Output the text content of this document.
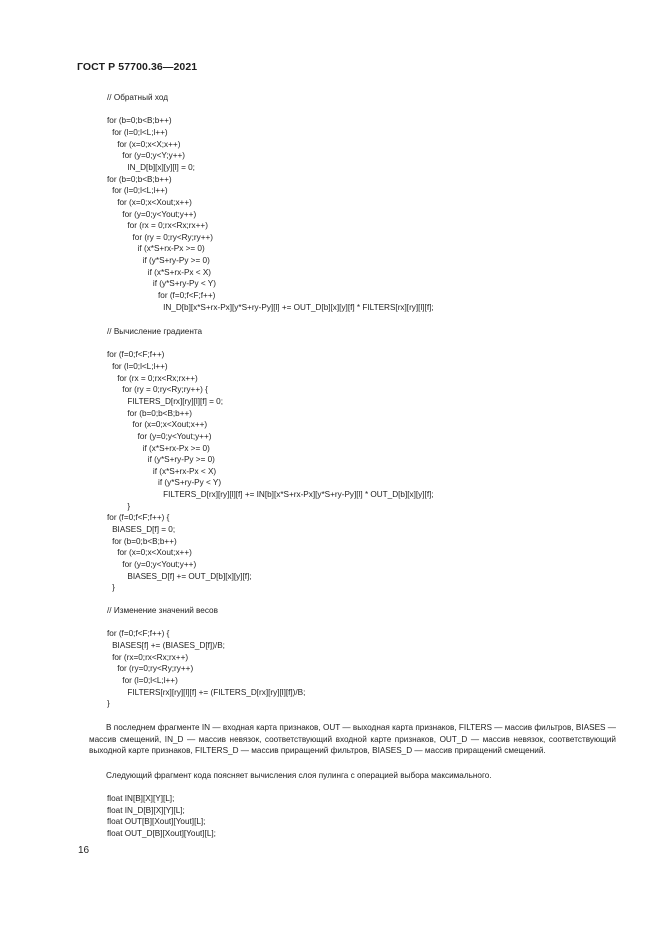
ГОСТ Р 57700.36—2021
// Обратный ход
for (b=0;b<B;b++)
for (l=0;l<L;l++)
for (x=0;x<X;x++)
for (y=0;y<Y;y++)
IN_D[b][x][y][l] = 0;
for (b=0;b<B;b++)
for (l=0;l<L;l++)
for (x=0;x<Xout;x++)
for (y=0;y<Yout;y++)
for (rx = 0;rx<Rx;rx++)
for (ry = 0;ry<Ry;ry++)
if (x*S+rx-Px >= 0)
if (y*S+ry-Py >= 0)
if (x*S+rx-Px < X)
if (y*S+ry-Py < Y)
for (f=0;f<F;f++)
IN_D[b][x*S+rx-Px][y*S+ry-Py][l] += OUT_D[b][x][y][f] * FILTERS[rx][ry][l][f];
// Вычисление градиента
for (f=0;f<F;f++)
for (l=0;l<L;l++)
for (rx = 0;rx<Rx;rx++)
for (ry = 0;ry<Ry;ry++) {
FILTERS_D[rx][ry][l][f] = 0;
for (b=0;b<B;b++)
for (x=0;x<Xout;x++)
for (y=0;y<Yout;y++)
if (x*S+rx-Px >= 0)
if (y*S+ry-Py >= 0)
if (x*S+rx-Px < X)
if (y*S+ry-Py < Y)
FILTERS_D[rx][ry][l][f] += IN[b][x*S+rx-Px][y*S+ry-Py][l] * OUT_D[b][x][y][f];
}
for (f=0;f<F;f++) {
BIASES_D[f] = 0;
for (b=0;b<B;b++)
for (x=0;x<Xout;x++)
for (y=0;y<Yout;y++)
BIASES_D[f] += OUT_D[b][x][y][f];
}
// Изменение значений весов
for (f=0;f<F;f++) {
BIASES[f] += (BIASES_D[f])/B;
for (rx=0;rx<Rx;rx++)
for (ry=0;ry<Ry;ry++)
for (l=0;l<L;l++)
FILTERS[rx][ry][l][f] += (FILTERS_D[rx][ry][l][f])/B;
}
В последнем фрагменте IN — входная карта признаков, OUT — выходная карта признаков, FILTERS — массив фильтров, BIASES — массив смещений, IN_D — массив невязок, соответствующий входной карте признаков, OUT_D — массив невязок, соответствующий выходной карте признаков, FILTERS_D — массив приращений фильтров, BIASES_D — массив приращений смещений.
Следующий фрагмент кода поясняет вычисления слоя пулинга с операцией выбора максимального.
float IN[B][X][Y][L];
float IN_D[B][X][Y][L];
float OUT[B][Xout][Yout][L];
float OUT_D[B][Xout][Yout][L];
16
